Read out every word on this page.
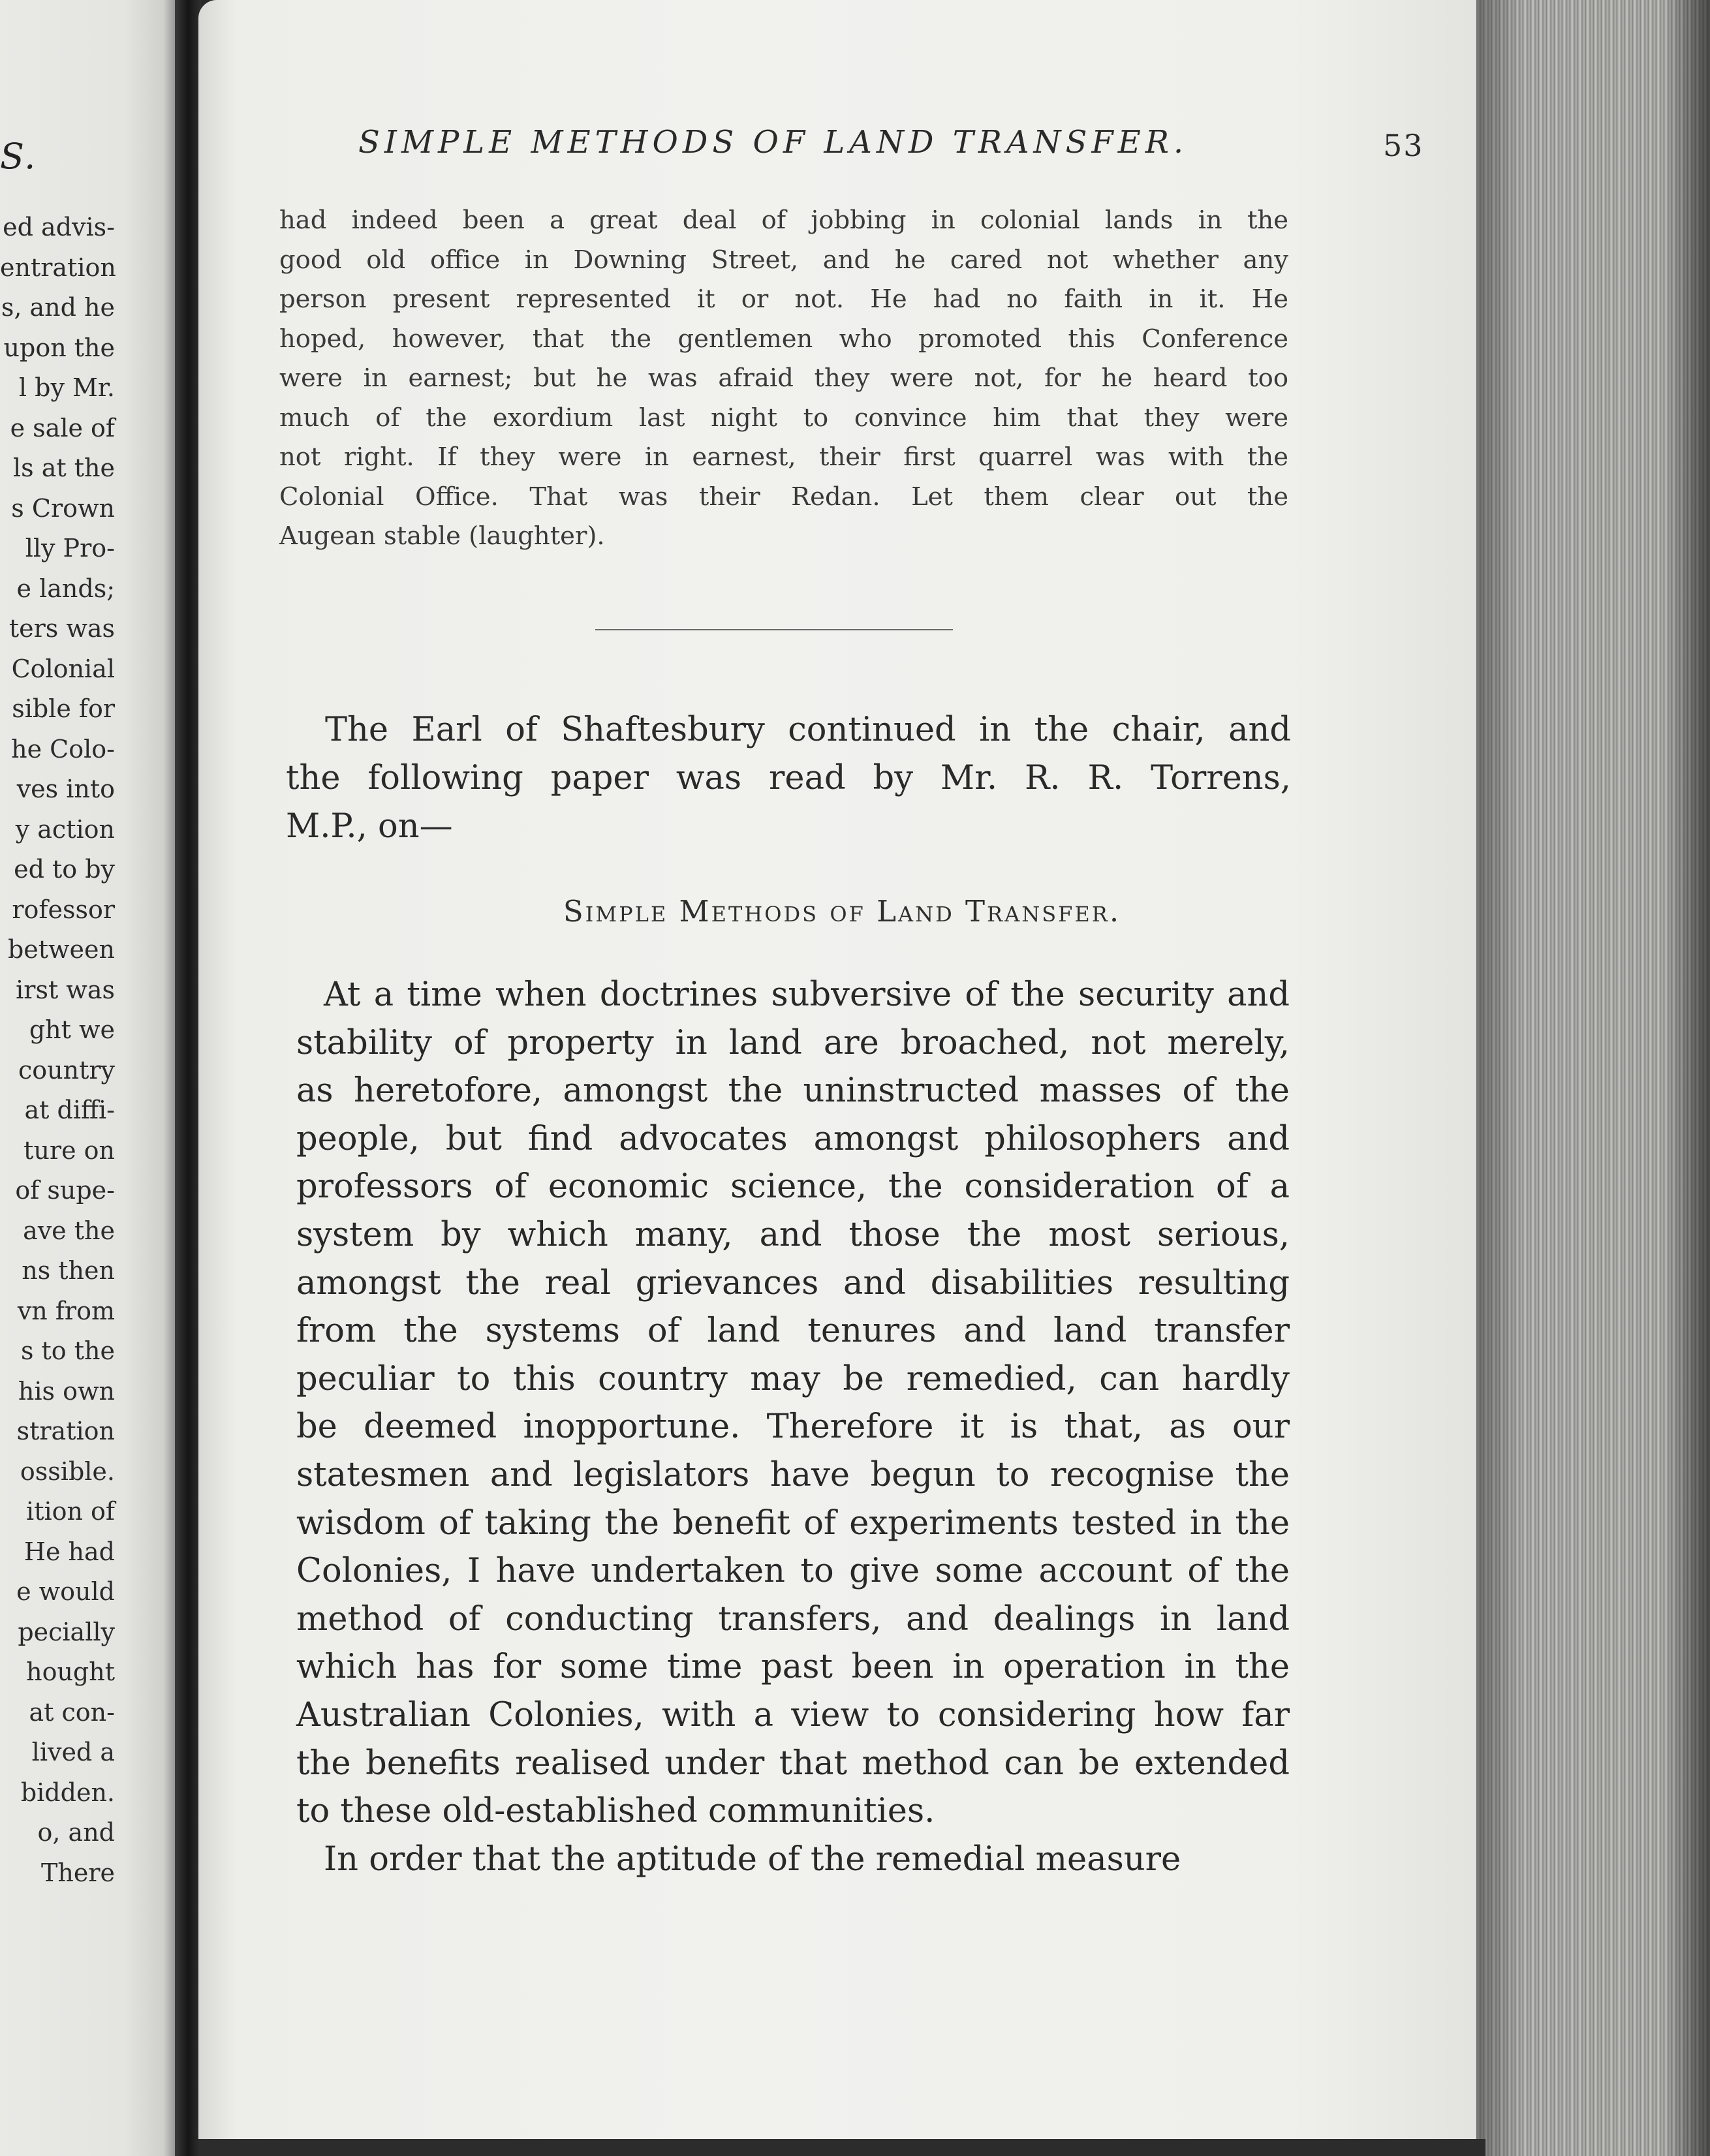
S.
ed advis-
entration
s, and he
upon the
l by Mr.
e sale of
ls at the
s Crown
lly Pro-
e lands;
ters was
Colonial
sible for
he Colo-
ves into
y action
ed to by
rofessor
between
irst was
ght we
country
at diffi-
ture on
of supe-
ave the
ns then
vn from
s to the
his own
stration
ossible.
ition of
He had
e would
pecially
hought
at con-
lived a
bidden.
o, and
There
SIMPLE METHODS OF LAND TRANSFER.	53
had indeed been a great deal of jobbing in colonial lands in the
good old office in Downing Street, and he cared not whether any
person present represented it or not. He had no faith in it. He
hoped, however, that the gentlemen who promoted this Conference
were in earnest; but he was afraid they were not, for he heard too
much of the exordium last night to convince him that they were
not right. If they were in earnest, their first quarrel was with the
Colonial Office. That was their Redan. Let them clear out the
Augean stable (laughter).
The Earl of Shaftesbury continued in the chair, and
the following paper was read by Mr. R. R. Torrens,
M.P., on—
Simple Methods of Land Transfer.
At a time when doctrines subversive of the security and
stability of property in land are broached, not merely,
as heretofore, amongst the uninstructed masses of the
people, but find advocates amongst philosophers and
professors of economic science, the consideration of a
system by which many, and those the most serious,
amongst the real grievances and disabilities resulting
from the systems of land tenures and land transfer
peculiar to this country may be remedied, can hardly
be deemed inopportune. Therefore it is that, as our
statesmen and legislators have begun to recognise the
wisdom of taking the benefit of experiments tested in the
Colonies, I have undertaken to give some account of the
method of conducting transfers, and dealings in land
which has for some time past been in operation in the
Australian Colonies, with a view to considering how far
the benefits realised under that method can be extended
to these old-established communities.
In order that the aptitude of the remedial measure
